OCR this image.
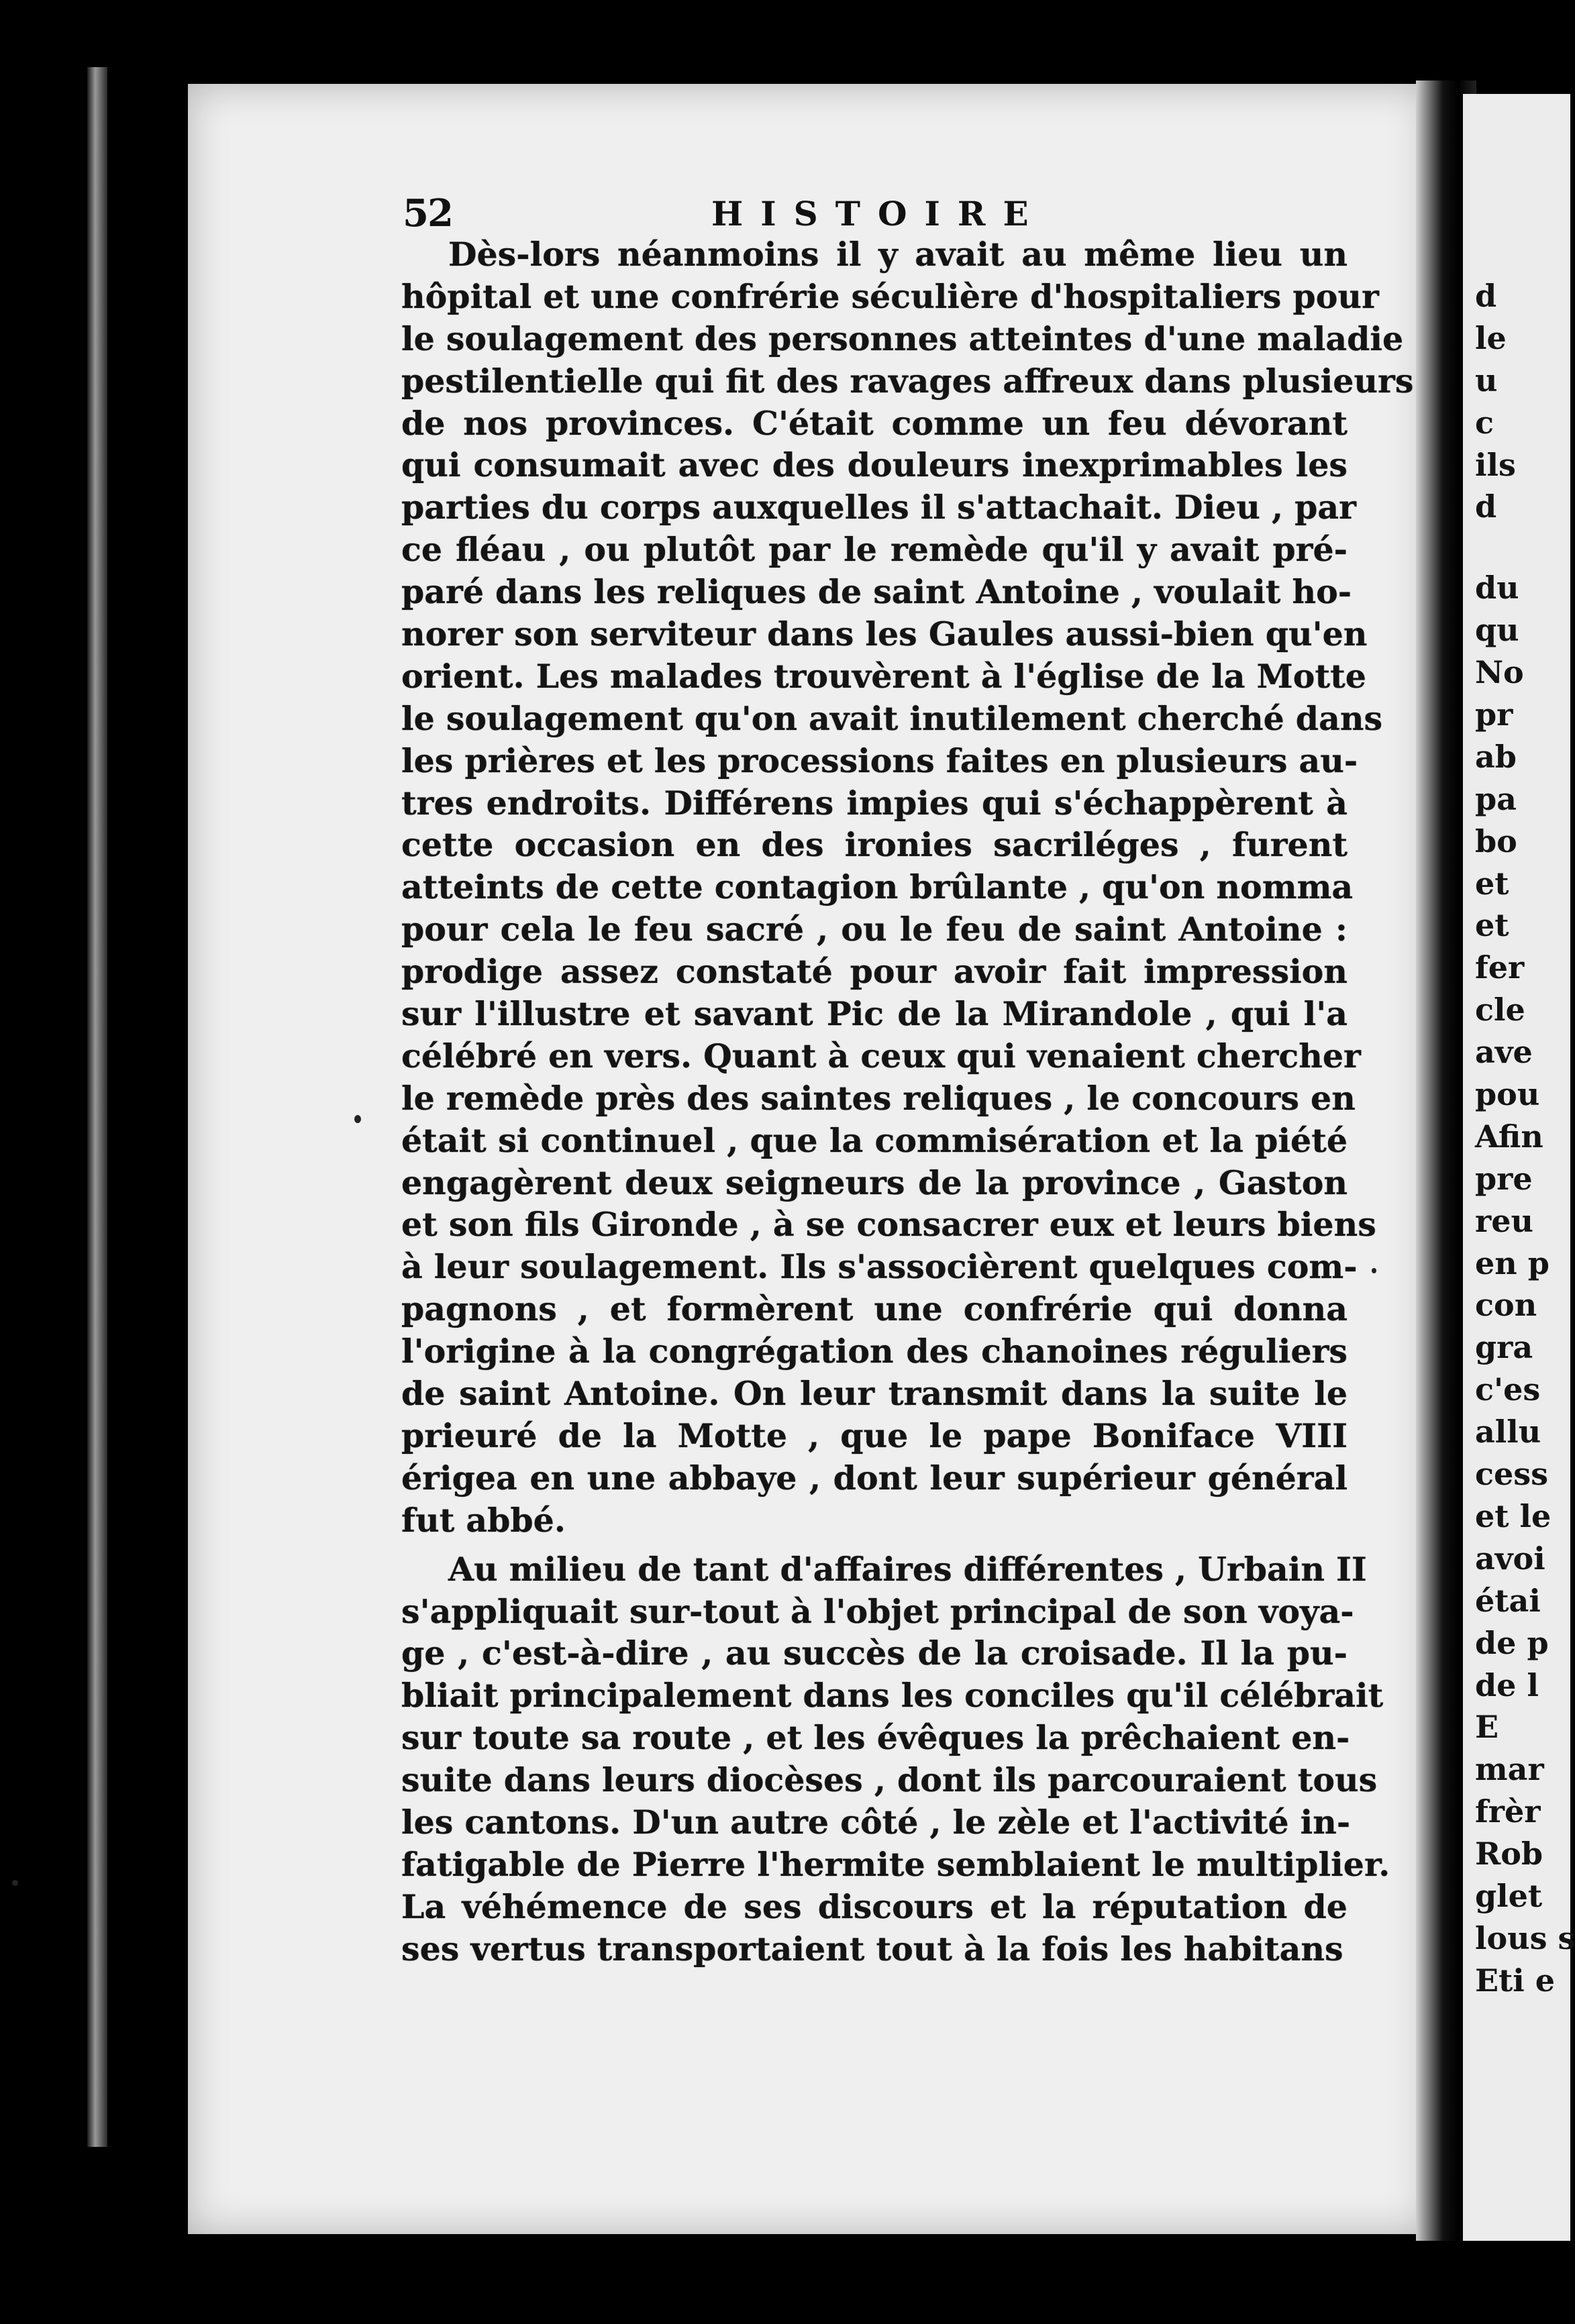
d
le
u
c
ils
d
du
qu
No
pr
ab
pa
bo
et
et
fer
cle
ave
pou
Afin
pre
reu
en p
con
gra
c'es
allu
cess
et le
avoi
étai
de p
de l
E
mar
frèr
Rob
glet
lous s
Eti e
52	HISTOIRE
Dès-lors néanmoins il y avait au même lieu un
hôpital et une confrérie séculière d'hospitaliers pour
le soulagement des personnes atteintes d'une maladie
pestilentielle qui fit des ravages affreux dans plusieurs
de nos provinces. C'était comme un feu dévorant
qui consumait avec des douleurs inexprimables les
parties du corps auxquelles il s'attachait. Dieu , par
ce fléau , ou plutôt par le remède qu'il y avait pré-
paré dans les reliques de saint Antoine , voulait ho-
norer son serviteur dans les Gaules aussi-bien qu'en
orient. Les malades trouvèrent à l'église de la Motte
le soulagement qu'on avait inutilement cherché dans
les prières et les processions faites en plusieurs au-
tres endroits. Différens impies qui s'échappèrent à
cette occasion en des ironies sacriléges , furent
atteints de cette contagion brûlante , qu'on nomma
pour cela le feu sacré , ou le feu de saint Antoine :
prodige assez constaté pour avoir fait impression
sur l'illustre et savant Pic de la Mirandole , qui l'a
célébré en vers. Quant à ceux qui venaient chercher
le remède près des saintes reliques , le concours en
était si continuel , que la commisération et la piété
engagèrent deux seigneurs de la province , Gaston
et son fils Gironde , à se consacrer eux et leurs biens
à leur soulagement. Ils s'associèrent quelques com-
pagnons , et formèrent une confrérie qui donna
l'origine à la congrégation des chanoines réguliers
de saint Antoine. On leur transmit dans la suite le
prieuré de la Motte , que le pape Boniface VIII
érigea en une abbaye , dont leur supérieur général
fut abbé.
Au milieu de tant d'affaires différentes , Urbain II
s'appliquait sur-tout à l'objet principal de son voya-
ge , c'est-à-dire , au succès de la croisade. Il la pu-
bliait principalement dans les conciles qu'il célébrait
sur toute sa route , et les évêques la prêchaient en-
suite dans leurs diocèses , dont ils parcouraient tous
les cantons. D'un autre côté , le zèle et l'activité in-
fatigable de Pierre l'hermite semblaient le multiplier.
La véhémence de ses discours et la réputation de
ses vertus transportaient tout à la fois les habitans
